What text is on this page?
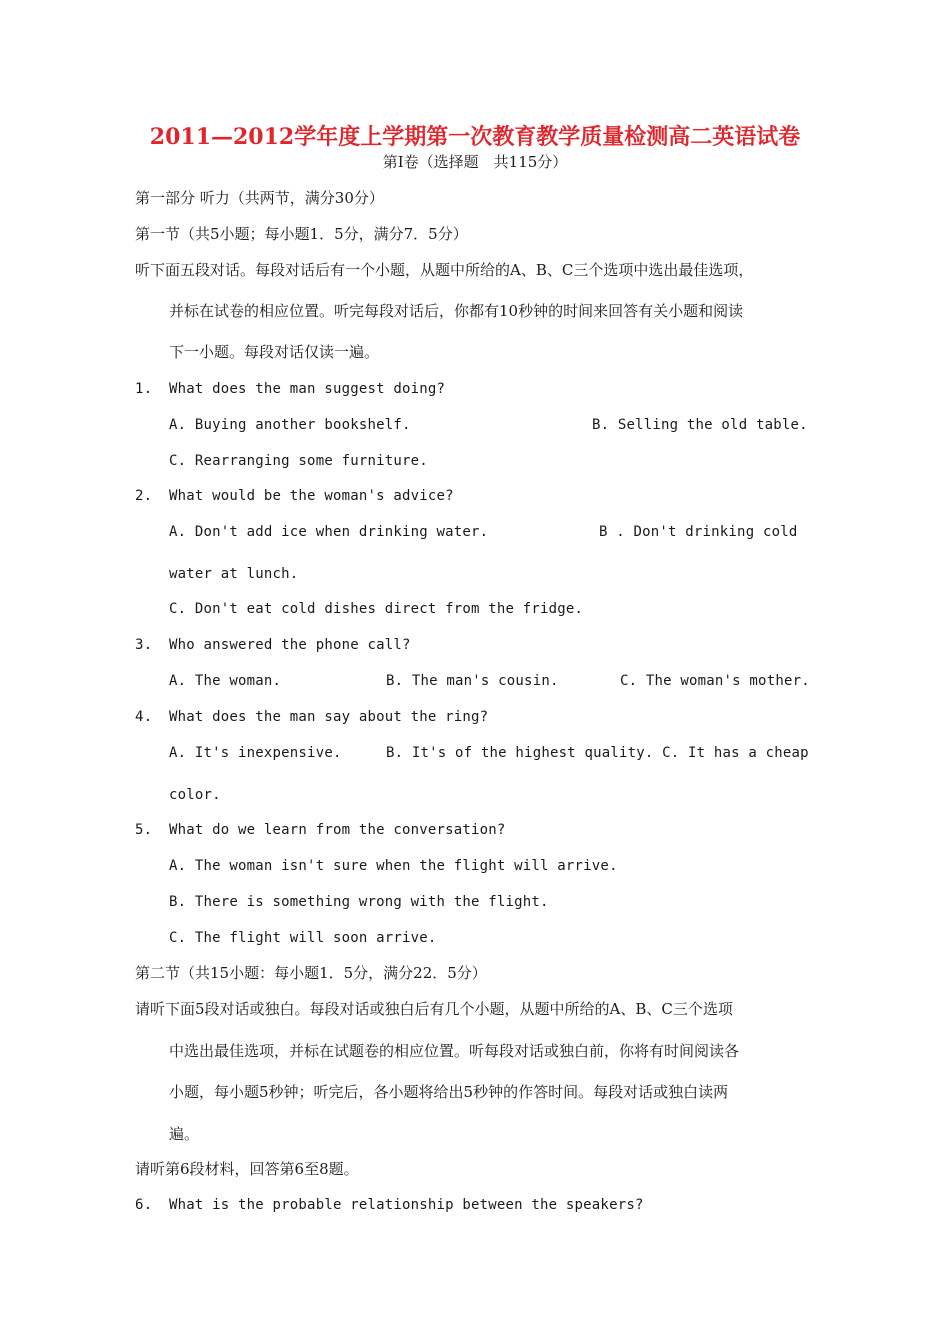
2011—2012学年度上学期第一次教育教学质量检测高二英语试卷
第Ⅰ卷（选择题　共115分）
第一部分 听力（共两节，满分30分）
第一节（共5小题；每小题1．5分，满分7．5分）
听下面五段对话。每段对话后有一个小题，从题中所给的A、B、C三个选项中选出最佳选项，
并标在试卷的相应位置。听完每段对话后，你都有10秒钟的时间来回答有关小题和阅读
下一小题。每段对话仅读一遍。
1. What does the man suggest doing?
A. Buying another bookshelf.	B. Selling the old table.
C. Rearranging some furniture.
2. What would be the woman's advice?
A. Don't add ice when drinking water.	B . Don't drinking cold
water at lunch.
C. Don't eat cold dishes direct from the fridge.
3. Who answered the phone call?
A. The woman.	B. The man's cousin.	C. The woman's mother.
4. What does the man say about the ring?
A. It's inexpensive.	B. It's of the highest quality. C. It has a cheap
color.
5. What do we learn from the conversation?
A. The woman isn't sure when the flight will arrive.
B. There is something wrong with the flight.
C. The flight will soon arrive.
第二节（共15小题：每小题1．5分，满分22．5分）
请听下面5段对话或独白。每段对话或独白后有几个小题，从题中所给的A、B、C三个选项
中选出最佳选项，并标在试题卷的相应位置。听每段对话或独白前，你将有时间阅读各
小题，每小题5秒钟；听完后，各小题将给出5秒钟的作答时间。每段对话或独白读两
遍。
请听第6段材料，回答第6至8题。
6. What is the probable relationship between the speakers?
